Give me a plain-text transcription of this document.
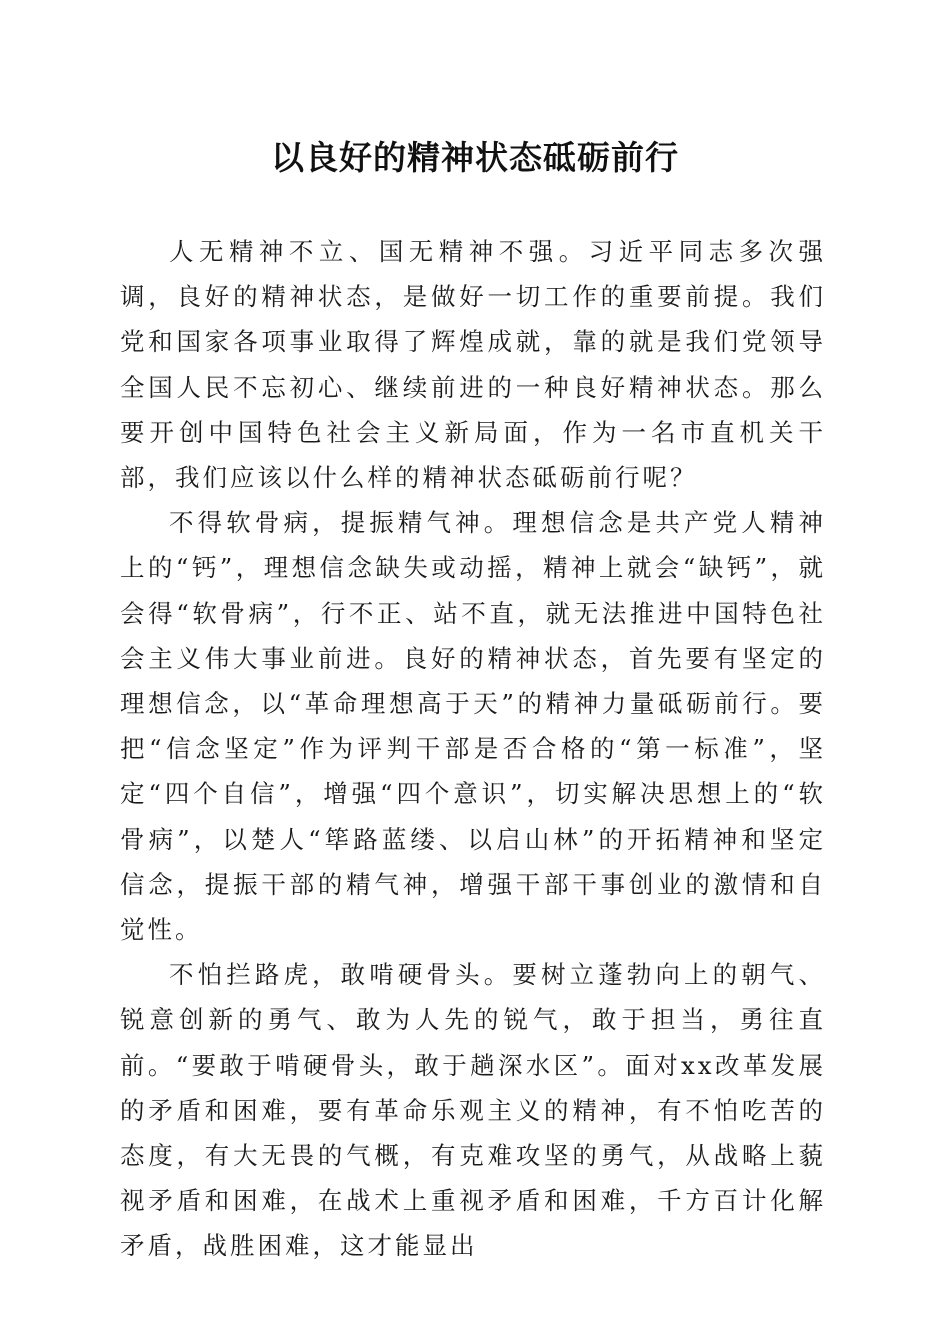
以良好的精神状态砥砺前行

人无精神不立、国无精神不强。习近平同志多次强调，良好的精神状态，是做好一切工作的重要前提。我们党和国家各项事业取得了辉煌成就，靠的就是我们党领导全国人民不忘初心、继续前进的一种良好精神状态。那么要开创中国特色社会主义新局面，作为一名市直机关干部，我们应该以什么样的精神状态砥砺前行呢？

不得软骨病，提振精气神。理想信念是共产党人精神上的“钙”，理想信念缺失或动摇，精神上就会“缺钙”，就会得“软骨病”，行不正、站不直，就无法推进中国特色社会主义伟大事业前进。良好的精神状态，首先要有坚定的理想信念，以“革命理想高于天”的精神力量砥砺前行。要把“信念坚定”作为评判干部是否合格的“第一标准”，坚定“四个自信”，增强“四个意识”，切实解决思想上的“软骨病”，以楚人“筚路蓝缕、以启山林”的开拓精神和坚定信念，提振干部的精气神，增强干部干事创业的激情和自觉性。

不怕拦路虎，敢啃硬骨头。要树立蓬勃向上的朝气、锐意创新的勇气、敢为人先的锐气，敢于担当，勇往直前。“要敢于啃硬骨头，敢于趟深水区”。面对xx改革发展的矛盾和困难，要有革命乐观主义的精神，有不怕吃苦的态度，有大无畏的气概，有克难攻坚的勇气，从战略上藐视矛盾和困难，在战术上重视矛盾和困难，千方百计化解矛盾，战胜困难，这才能显出
